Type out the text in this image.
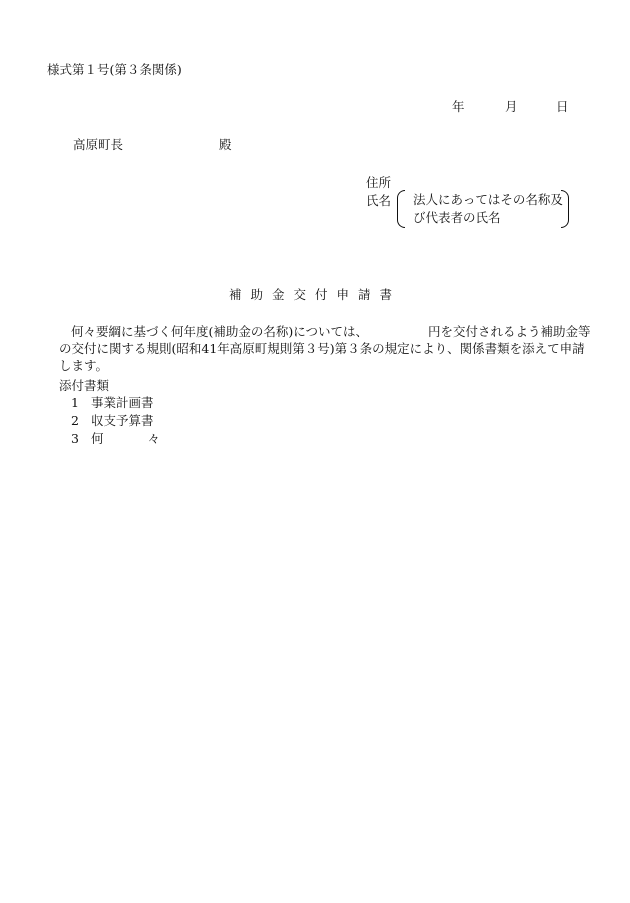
様式第１号(第３条関係)
年	月	日
高原町長	殿
住所
氏名 法人にあってはその名称及
び代表者の氏名
補助金交付申請書
何々要綱に基づく何年度(補助金の名称)については、	円を交付されるよう補助金等の交付に関する規則(昭和41年高原町規則第３号)第３条の規定により、関係書類を添えて申請します。
添付書類
1 事業計画書
2 収支予算書
3 何	々
